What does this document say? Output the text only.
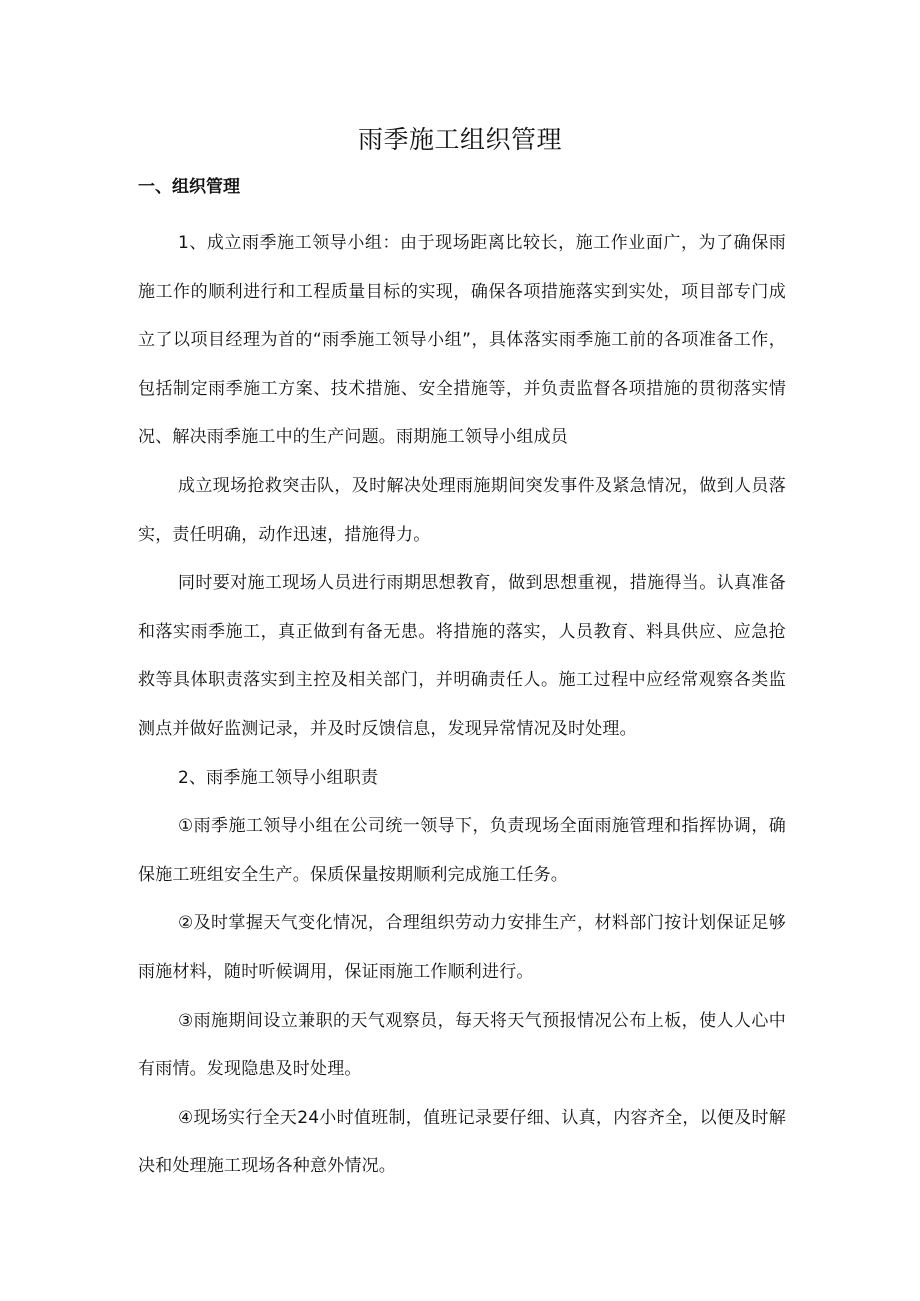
雨季施工组织管理
一、组织管理

1、成立雨季施工领导小组：由于现场距离比较长，施工作业面广，为了确保雨施工作的顺利进行和工程质量目标的实现，确保各项措施落实到实处，项目部专门成立了以项目经理为首的“雨季施工领导小组”，具体落实雨季施工前的各项准备工作，包括制定雨季施工方案、技术措施、安全措施等，并负责监督各项措施的贯彻落实情况、解决雨季施工中的生产问题。雨期施工领导小组成员

成立现场抢救突击队，及时解决处理雨施期间突发事件及紧急情况，做到人员落实，责任明确，动作迅速，措施得力。

同时要对施工现场人员进行雨期思想教育，做到思想重视，措施得当。认真准备和落实雨季施工，真正做到有备无患。将措施的落实，人员教育、料具供应、应急抢救等具体职责落实到主控及相关部门，并明确责任人。施工过程中应经常观察各类监测点并做好监测记录，并及时反馈信息，发现异常情况及时处理。

2、雨季施工领导小组职责

①雨季施工领导小组在公司统一领导下，负责现场全面雨施管理和指挥协调，确保施工班组安全生产。保质保量按期顺利完成施工任务。

②及时掌握天气变化情况，合理组织劳动力安排生产，材料部门按计划保证足够雨施材料，随时听候调用，保证雨施工作顺利进行。

③雨施期间设立兼职的天气观察员，每天将天气预报情况公布上板，使人人心中有雨情。发现隐患及时处理。

④现场实行全天24小时值班制，值班记录要仔细、认真，内容齐全，以便及时解决和处理施工现场各种意外情况。
